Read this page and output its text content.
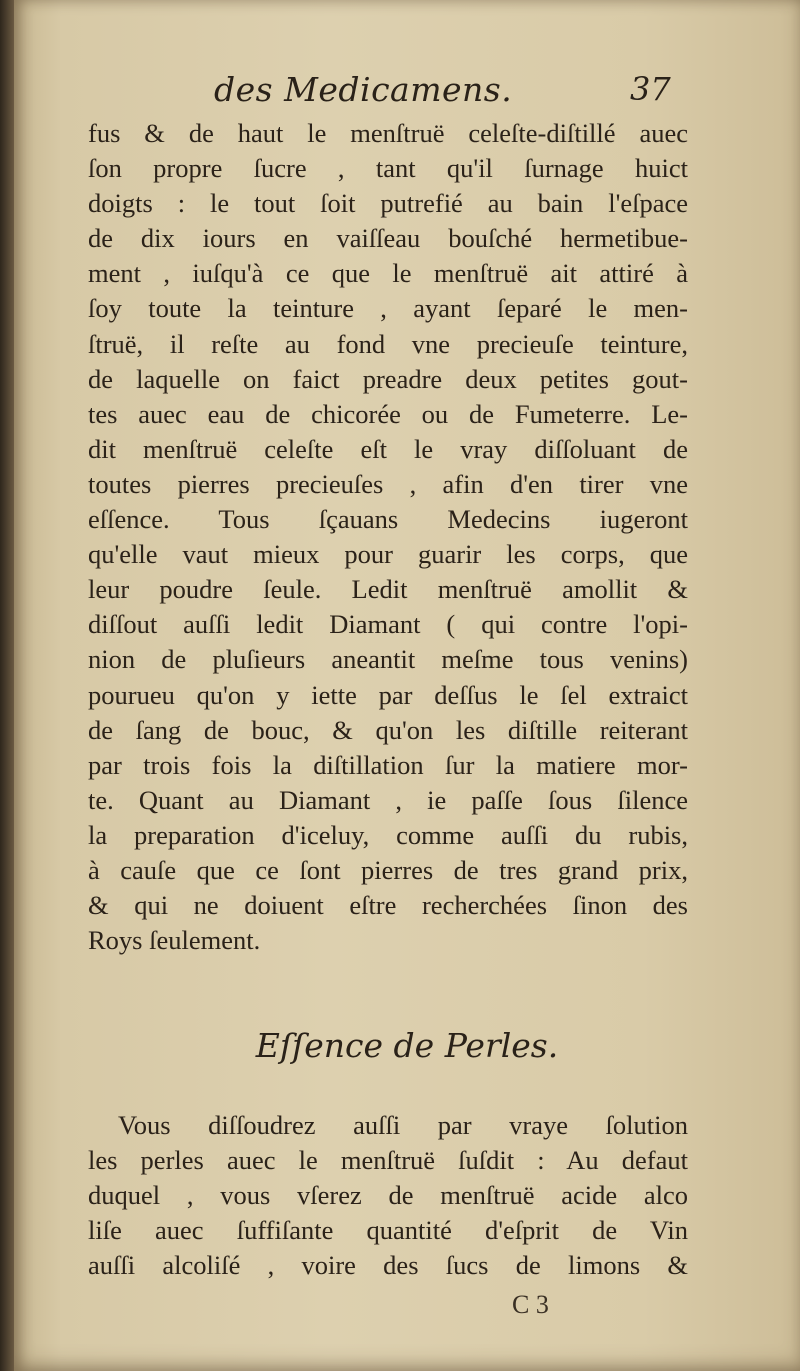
des Medicamens.	37
fus & de haut le menſtruë celeſte-diſtillé auec
ſon propre ſucre , tant qu'il ſurnage huict
doigts : le tout ſoit putrefié au bain l'eſpace
de dix iours en vaiſſeau bouſché hermetibue-
ment , iuſqu'à ce que le menſtruë ait attiré à
ſoy toute la teinture , ayant ſeparé le men-
ſtruë, il reſte au fond vne precieuſe teinture,
de laquelle on faict preadre deux petites gout-
tes auec eau de chicorée ou de Fumeterre. Le-
dit menſtruë celeſte eſt le vray diſſoluant de
toutes pierres precieuſes , afin d'en tirer vne
eſſence. Tous ſçauans Medecins iugeront
qu'elle vaut mieux pour guarir les corps, que
leur poudre ſeule. Ledit menſtruë amollit &
diſſout auſſi ledit Diamant ( qui contre l'opi-
nion de pluſieurs aneantit meſme tous venins)
pourueu qu'on y iette par deſſus le ſel extraict
de ſang de bouc, & qu'on les diſtille reiterant
par trois fois la diſtillation ſur la matiere mor-
te. Quant au Diamant , ie paſſe ſous ſilence
la preparation d'iceluy, comme auſſi du rubis,
à cauſe que ce ſont pierres de tres grand prix,
& qui ne doiuent eſtre recherchées ſinon des
Roys ſeulement.
Eſſence de Perles.
Vous diſſoudrez auſſi par vraye ſolution
les perles auec le menſtruë ſuſdit : Au defaut
duquel , vous vſerez de menſtruë acide alco
liſe auec ſuffiſante quantité d'eſprit de Vin
auſſi alcoliſé , voire des ſucs de limons &
C 3
